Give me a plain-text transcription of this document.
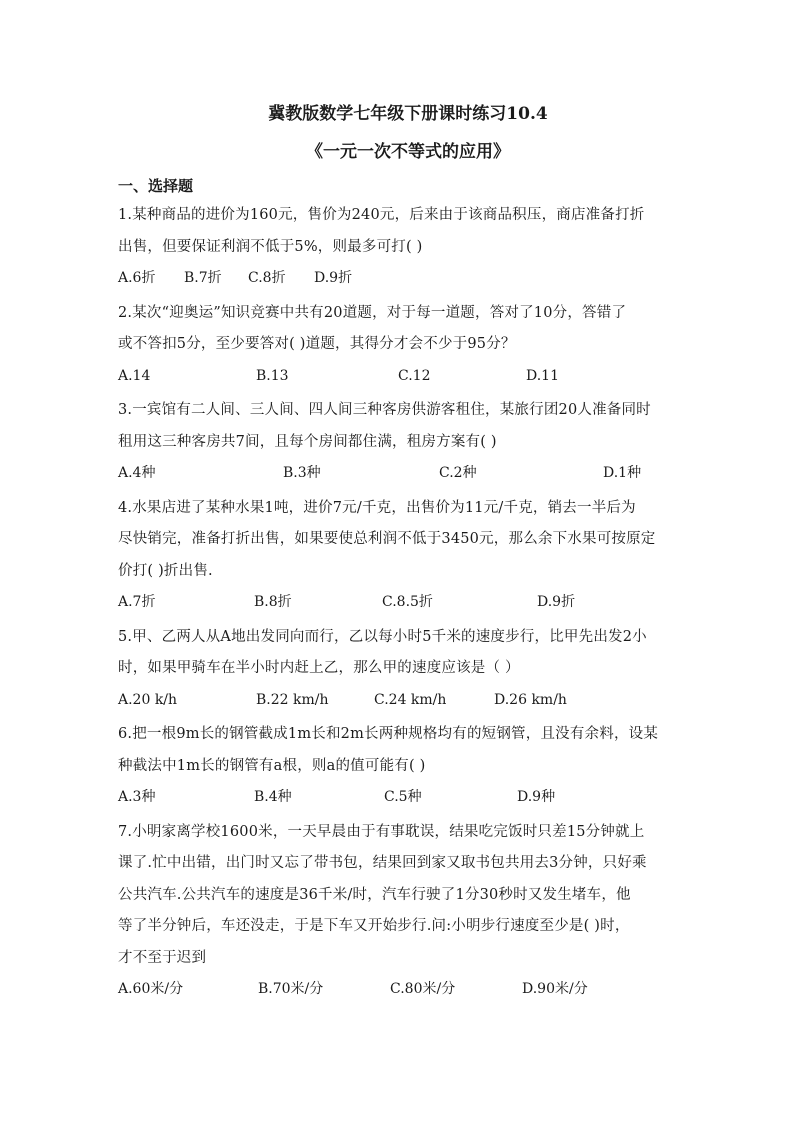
冀教版数学七年级下册课时练习10.4

《一元一次不等式的应用》

一、选择题

1.某种商品的进价为160元，售价为240元，后来由于该商品积压，商店准备打折

出售，但要保证利润不低于5%，则最多可打( )

A.6折	B.7折	C.8折	D.9折

2.某次“迎奥运”知识竞赛中共有20道题，对于每一道题，答对了10分，答错了

或不答扣5分，至少要答对( )道题，其得分才会不少于95分？

A.14	B.13	C.12	D.11

3.一宾馆有二人间、三人间、四人间三种客房供游客租住，某旅行团20人准备同时

租用这三种客房共7间，且每个房间都住满，租房方案有( )

A.4种	B.3种	C.2种	D.1种

4.水果店进了某种水果1吨，进价7元/千克，出售价为11元/千克，销去一半后为

尽快销完，准备打折出售，如果要使总利润不低于3450元，那么余下水果可按原定

价打( )折出售.

A.7折	B.8折	C.8.5折	D.9折

5.甲、乙两人从A地出发同向而行，乙以每小时5千米的速度步行，比甲先出发2小

时，如果甲骑车在半小时内赶上乙，那么甲的速度应该是（ ）

A.20 k/h	B.22 km/h	C.24 km/h	D.26 km/h

6.把一根9m长的钢管截成1m长和2m长两种规格均有的短钢管，且没有余料，设某

种截法中1m长的钢管有a根，则a的值可能有( )

A.3种	B.4种	C.5种	D.9种

7.小明家离学校1600米，一天早晨由于有事耽误，结果吃完饭时只差15分钟就上

课了.忙中出错，出门时又忘了带书包，结果回到家又取书包共用去3分钟，只好乘

公共汽车.公共汽车的速度是36千米/时，汽车行驶了1分30秒时又发生堵车，他

等了半分钟后，车还没走，于是下车又开始步行.问:小明步行速度至少是( )时，

才不至于迟到

A.60米/分	B.70米/分	C.80米/分	D.90米/分
